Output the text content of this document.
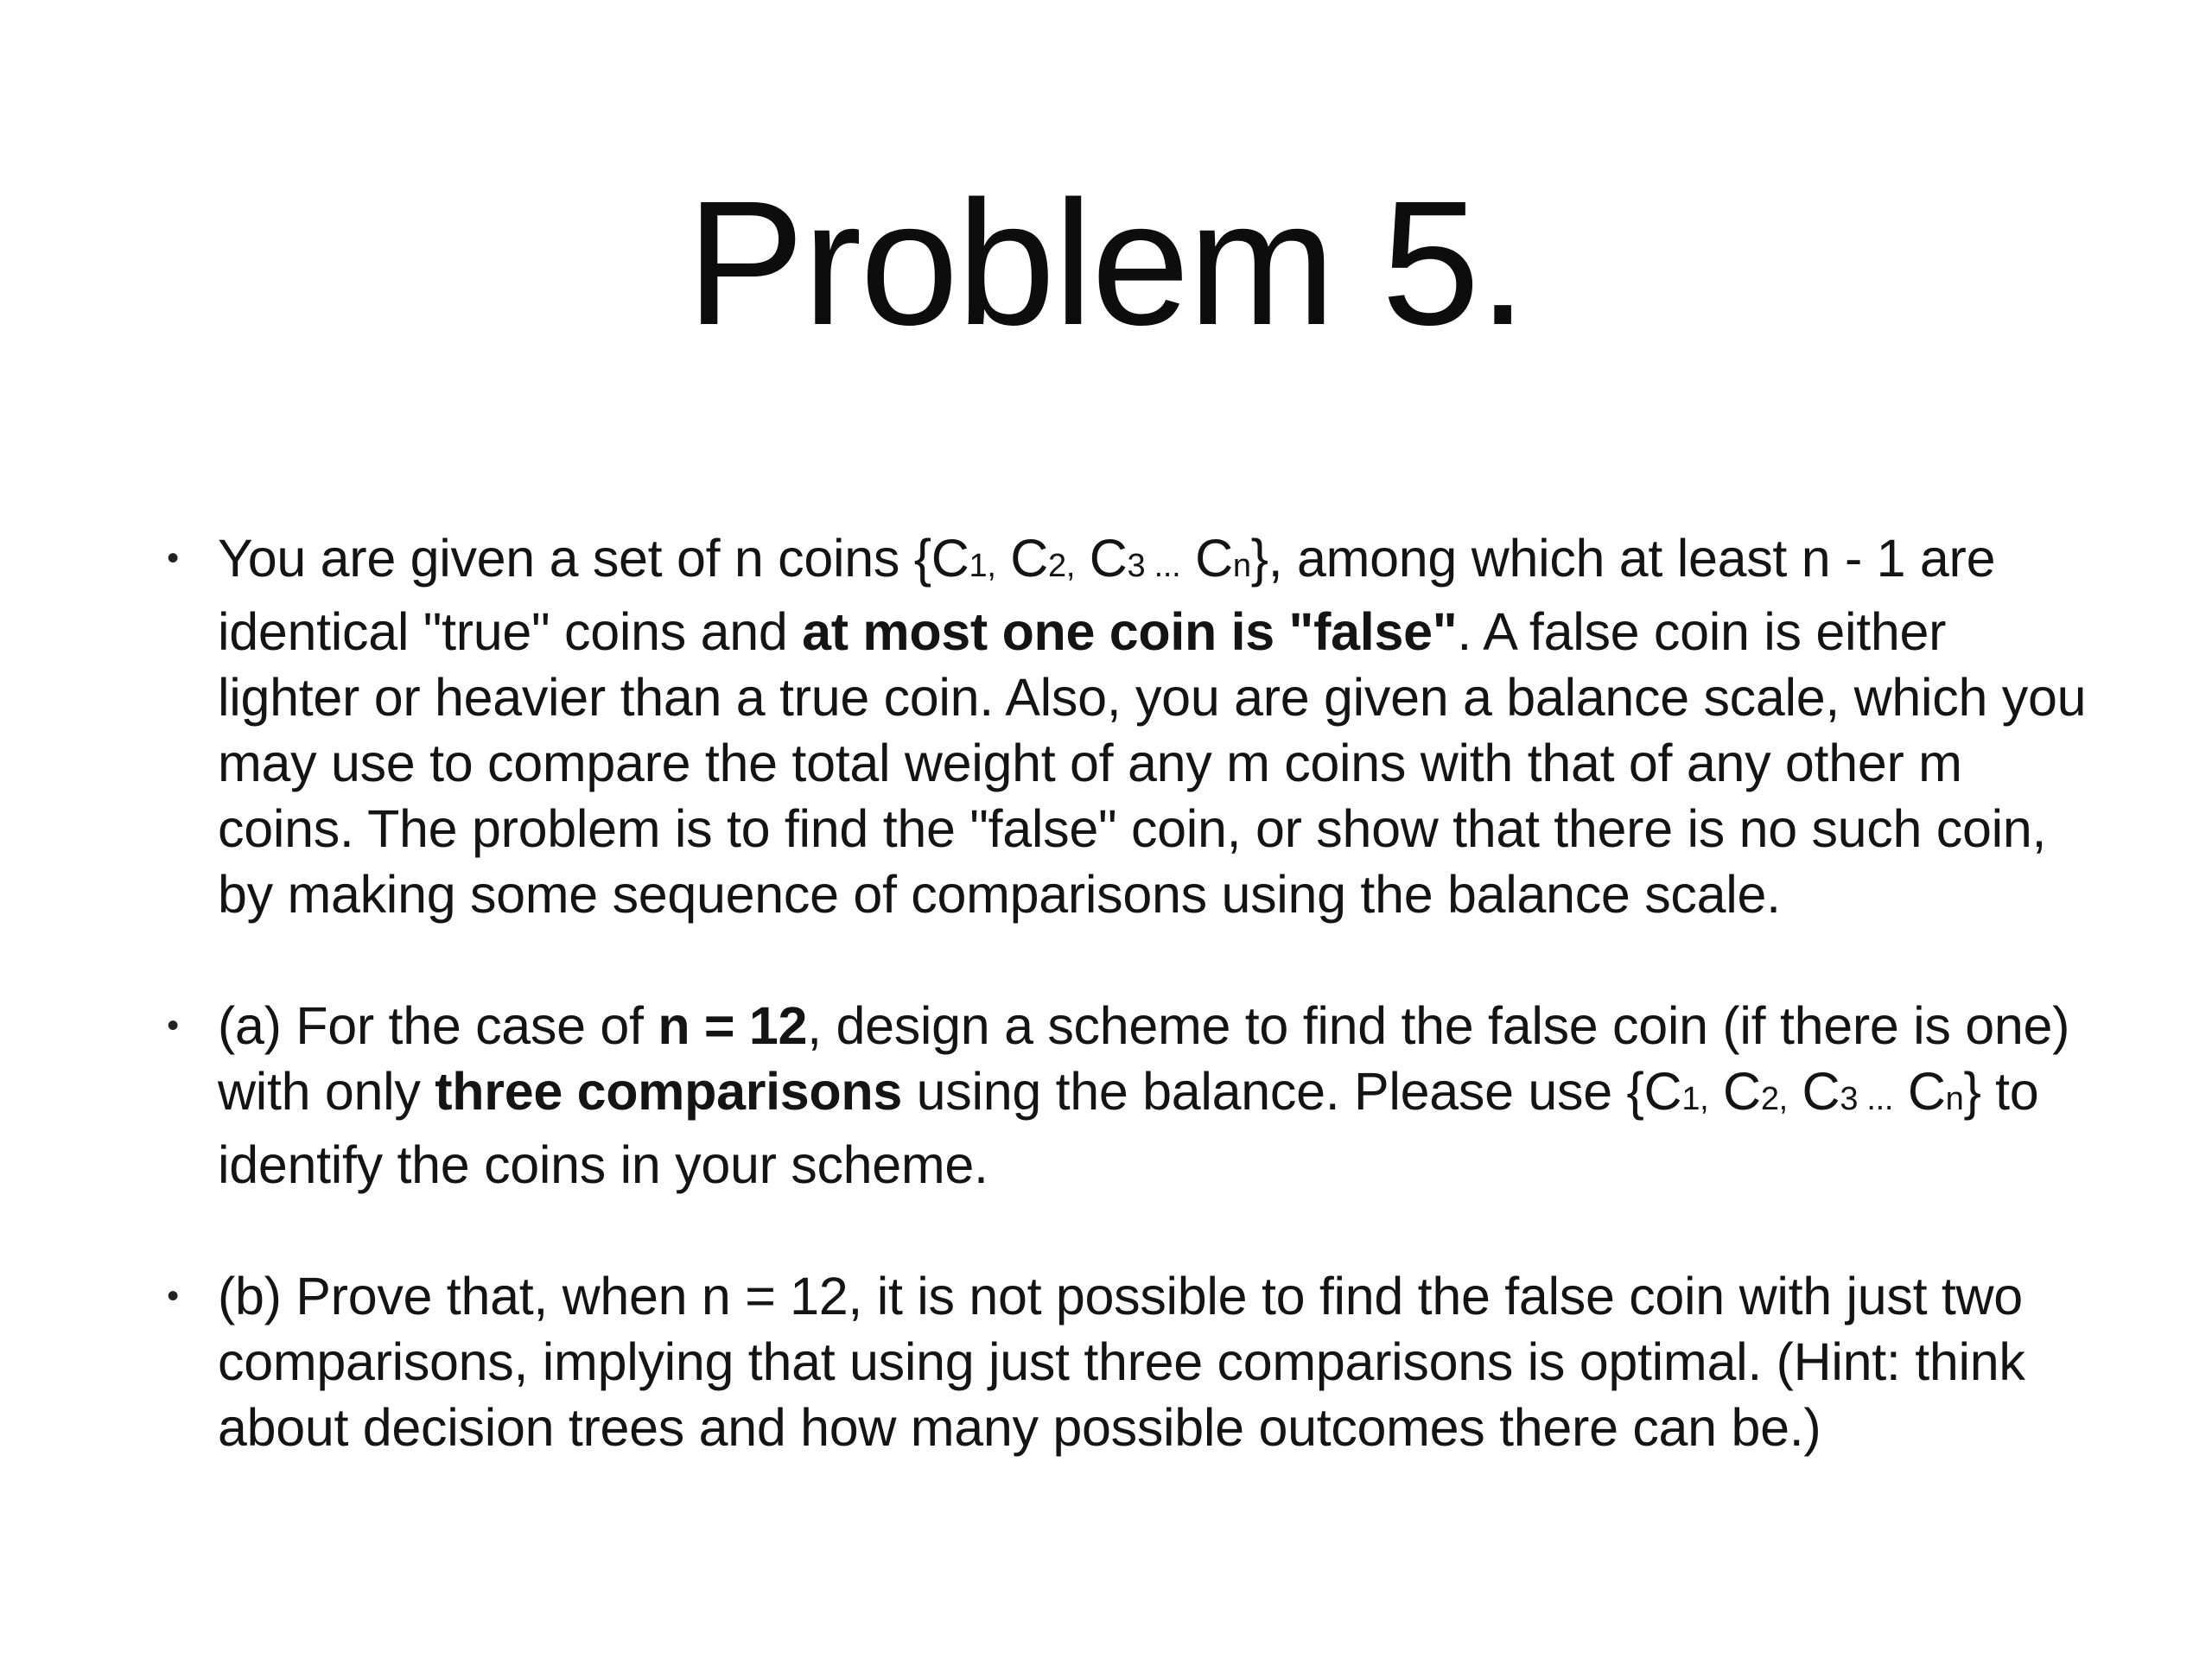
Problem 5.
• You are given a set of n coins {C1, C2, C3 ... Cn}, among which at least n - 1 are identical "true" coins and at most one coin is "false". A false coin is either lighter or heavier than a true coin. Also, you are given a balance scale, which you may use to compare the total weight of any m coins with that of any other m coins. The problem is to find the "false" coin, or show that there is no such coin, by making some sequence of comparisons using the balance scale.
• (a) For the case of n = 12, design a scheme to find the false coin (if there is one) with only three comparisons using the balance. Please use {C1, C2, C3 ... Cn} to identify the coins in your scheme.
• (b) Prove that, when n = 12, it is not possible to find the false coin with just two comparisons, implying that using just three comparisons is optimal. (Hint: think about decision trees and how many possible outcomes there can be.)
